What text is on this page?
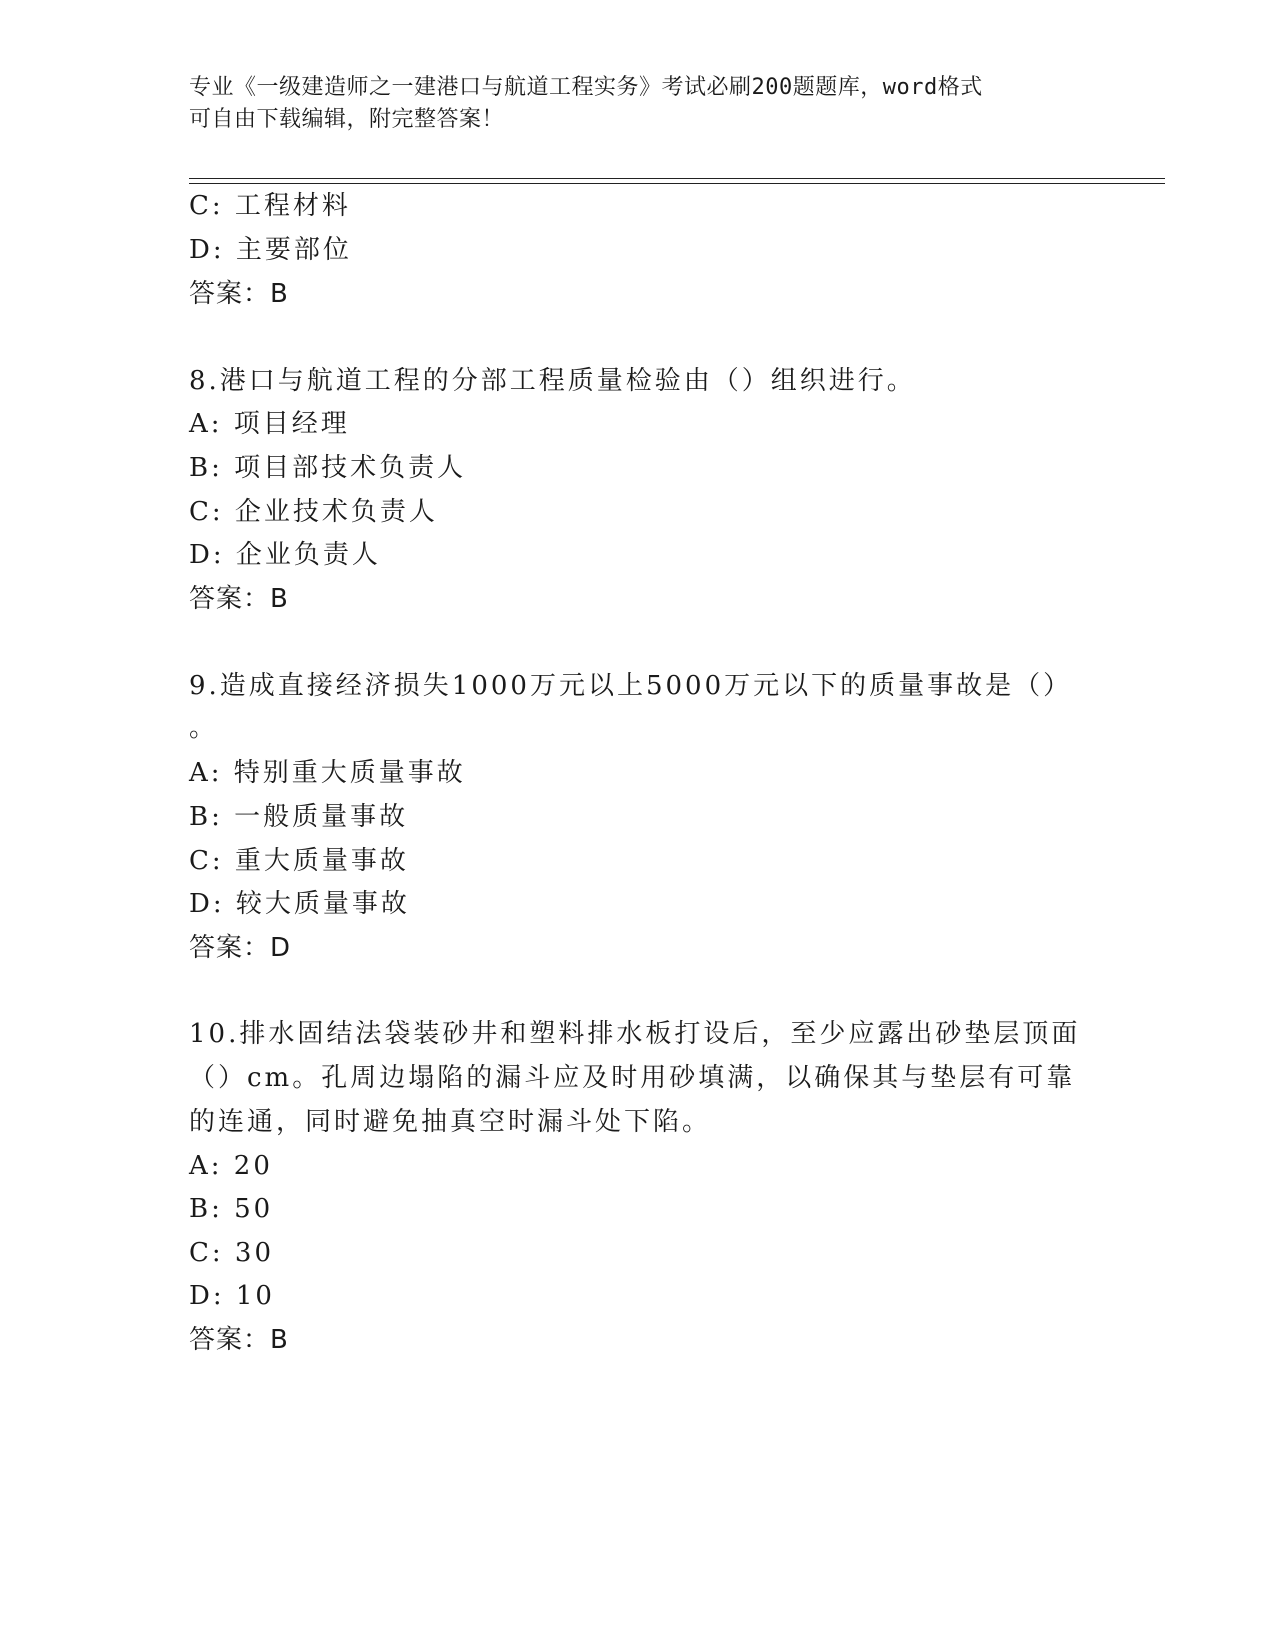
专业《一级建造师之一建港口与航道工程实务》考试必刷200题题库，word格式
可自由下载编辑，附完整答案！
C: 工程材料
D: 主要部位
答案：B
8.港口与航道工程的分部工程质量检验由（）组织进行。
A: 项目经理
B: 项目部技术负责人
C: 企业技术负责人
D: 企业负责人
答案：B
9.造成直接经济损失1000万元以上5000万元以下的质量事故是（）
。
A: 特别重大质量事故
B: 一般质量事故
C: 重大质量事故
D: 较大质量事故
答案：D
10.排水固结法袋装砂井和塑料排水板打设后，至少应露出砂垫层顶面
（）cm。孔周边塌陷的漏斗应及时用砂填满，以确保其与垫层有可靠
的连通，同时避免抽真空时漏斗处下陷。
A: 20
B: 50
C: 30
D: 10
答案：B
